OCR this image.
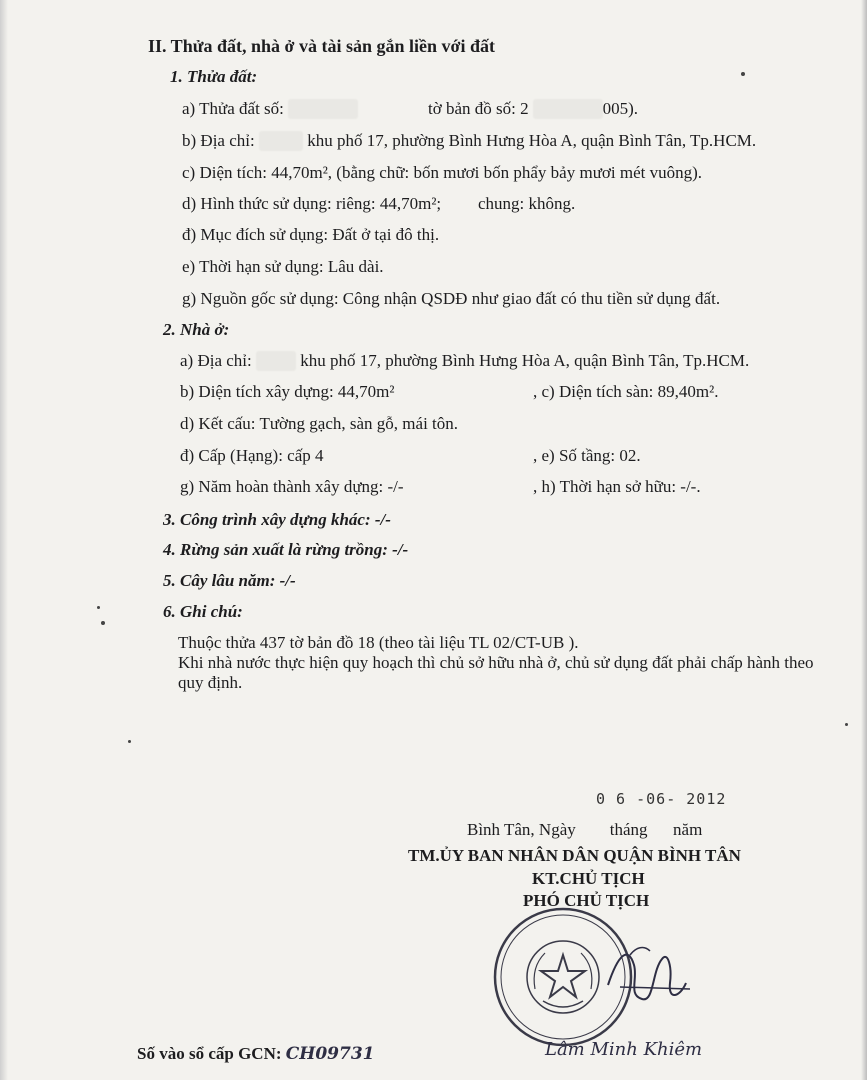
II. Thửa đất, nhà ở và tài sản gắn liền với đất
1. Thửa đất:
a) Thửa đất số:	tờ bản đồ số: 2	005).
b) Địa chỉ:	khu phố 17, phường Bình Hưng Hòa A, quận Bình Tân, Tp.HCM.
c) Diện tích: 44,70m², (bằng chữ: bốn mươi bốn phẩy bảy mươi mét vuông).
d) Hình thức sử dụng: riêng: 44,70m²; chung: không.
đ) Mục đích sử dụng: Đất ở tại đô thị.
e) Thời hạn sử dụng: Lâu dài.
g) Nguồn gốc sử dụng: Công nhận QSDĐ như giao đất có thu tiền sử dụng đất.
2. Nhà ở:
a) Địa chỉ:	khu phố 17, phường Bình Hưng Hòa A, quận Bình Tân, Tp.HCM.
b) Diện tích xây dựng: 44,70m²	, c) Diện tích sàn: 89,40m².
d) Kết cấu: Tường gạch, sàn gỗ, mái tôn.
đ) Cấp (Hạng): cấp 4	, e) Số tầng: 02.
g) Năm hoàn thành xây dựng: -/-	, h) Thời hạn sở hữu: -/-.
3. Công trình xây dựng khác: -/-
4. Rừng sản xuất là rừng trồng: -/-
5. Cây lâu năm: -/-
6. Ghi chú:
Thuộc thửa 437 tờ bản đồ 18 (theo tài liệu TL 02/CT-UB ).
Khi nhà nước thực hiện quy hoạch thì chủ sở hữu nhà ở, chủ sử dụng đất phải chấp hành theo
quy định.
0 6 -06- 2012
Bình Tân, Ngày        tháng      năm
TM.ỦY BAN NHÂN DÂN QUẬN BÌNH TÂN
KT.CHỦ TỊCH
PHÓ CHỦ TỊCH
Lâm Minh Khiêm
Số vào sổ cấp GCN: CH09731
